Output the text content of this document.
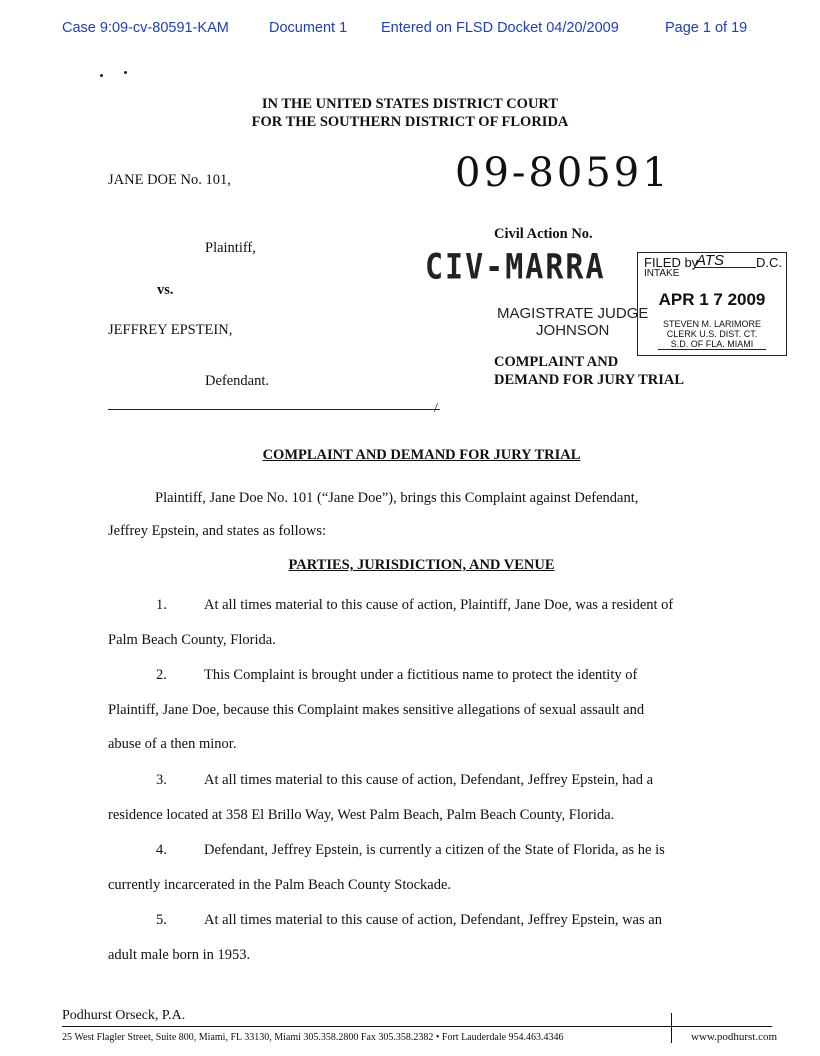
Case 9:09-cv-80591-KAM	Document 1 Entered on FLSD Docket 04/20/2009	Page 1 of 19
IN THE UNITED STATES DISTRICT COURT
FOR THE SOUTHERN DISTRICT OF FLORIDA
09-80591
JANE DOE No. 101,
Plaintiff,
vs.
JEFFREY EPSTEIN,
Defendant.
Civil Action No.
CIV-MARRA
MAGISTRATE JUDGE
JOHNSON
COMPLAINT AND
DEMAND FOR JURY TRIAL
FILED by
ATS D.C.
INTAKE
APR 1 7 2009
STEVEN M. LARIMORE
CLERK U.S. DIST. CT.
S.D. OF FLA. MIAMI
/
COMPLAINT AND DEMAND FOR JURY TRIAL
Plaintiff, Jane Doe No. 101 (“Jane Doe”), brings this Complaint against Defendant,
Jeffrey Epstein, and states as follows:
PARTIES, JURISDICTION, AND VENUE
1.	At all times material to this cause of action, Plaintiff, Jane Doe, was a resident of
Palm Beach County, Florida.
2.	This Complaint is brought under a fictitious name to protect the identity of
Plaintiff, Jane Doe, because this Complaint makes sensitive allegations of sexual assault and
abuse of a then minor.
3.	At all times material to this cause of action, Defendant, Jeffrey Epstein, had a
residence located at 358 El Brillo Way, West Palm Beach, Palm Beach County, Florida.
4.	Defendant, Jeffrey Epstein, is currently a citizen of the State of Florida, as he is
currently incarcerated in the Palm Beach County Stockade.
5.	At all times material to this cause of action, Defendant, Jeffrey Epstein, was an
adult male born in 1953.
Podhurst Orseck, P.A.
25 West Flagler Street, Suite 800, Miami, FL 33130, Miami 305.358.2800 Fax 305.358.2382 • Fort Lauderdale 954.463.4346	www.podhurst.com
